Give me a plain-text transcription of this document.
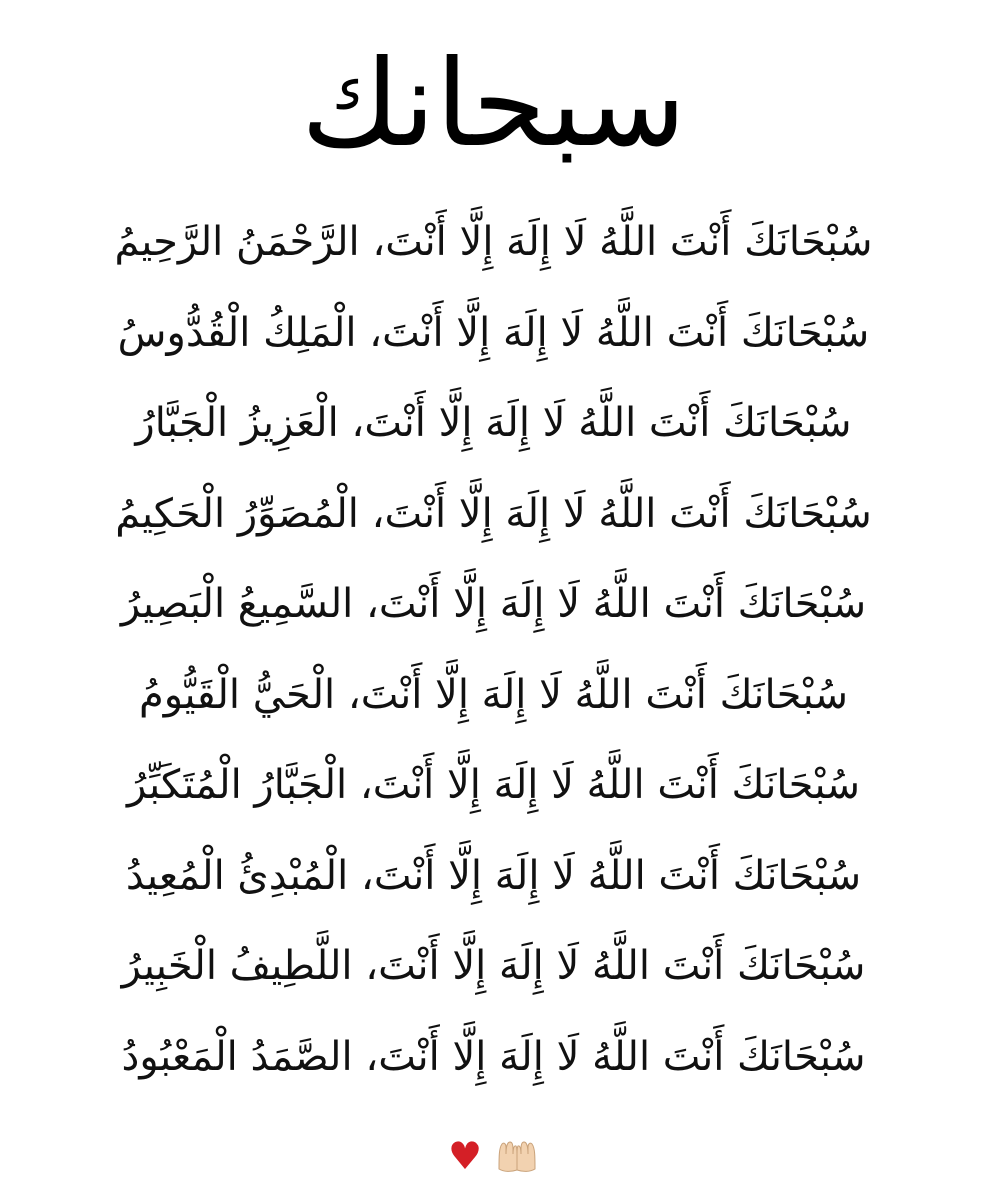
سبحانك
سُبْحَانَكَ أَنْتَ اللَّهُ لَا إِلَهَ إِلَّا أَنْتَ، الرَّحْمَنُ الرَّحِيمُ
سُبْحَانَكَ أَنْتَ اللَّهُ لَا إِلَهَ إِلَّا أَنْتَ، الْمَلِكُ الْقُدُّوسُ
سُبْحَانَكَ أَنْتَ اللَّهُ لَا إِلَهَ إِلَّا أَنْتَ، الْعَزِيزُ الْجَبَّارُ
سُبْحَانَكَ أَنْتَ اللَّهُ لَا إِلَهَ إِلَّا أَنْتَ، الْمُصَوِّرُ الْحَكِيمُ
سُبْحَانَكَ أَنْتَ اللَّهُ لَا إِلَهَ إِلَّا أَنْتَ، السَّمِيعُ الْبَصِيرُ
سُبْحَانَكَ أَنْتَ اللَّهُ لَا إِلَهَ إِلَّا أَنْتَ، الْحَيُّ الْقَيُّومُ
سُبْحَانَكَ أَنْتَ اللَّهُ لَا إِلَهَ إِلَّا أَنْتَ، الْجَبَّارُ الْمُتَكَبِّرُ
سُبْحَانَكَ أَنْتَ اللَّهُ لَا إِلَهَ إِلَّا أَنْتَ، الْمُبْدِئُ الْمُعِيدُ
سُبْحَانَكَ أَنْتَ اللَّهُ لَا إِلَهَ إِلَّا أَنْتَ، اللَّطِيفُ الْخَبِيرُ
سُبْحَانَكَ أَنْتَ اللَّهُ لَا إِلَهَ إِلَّا أَنْتَ، الصَّمَدُ الْمَعْبُودُ
♥
